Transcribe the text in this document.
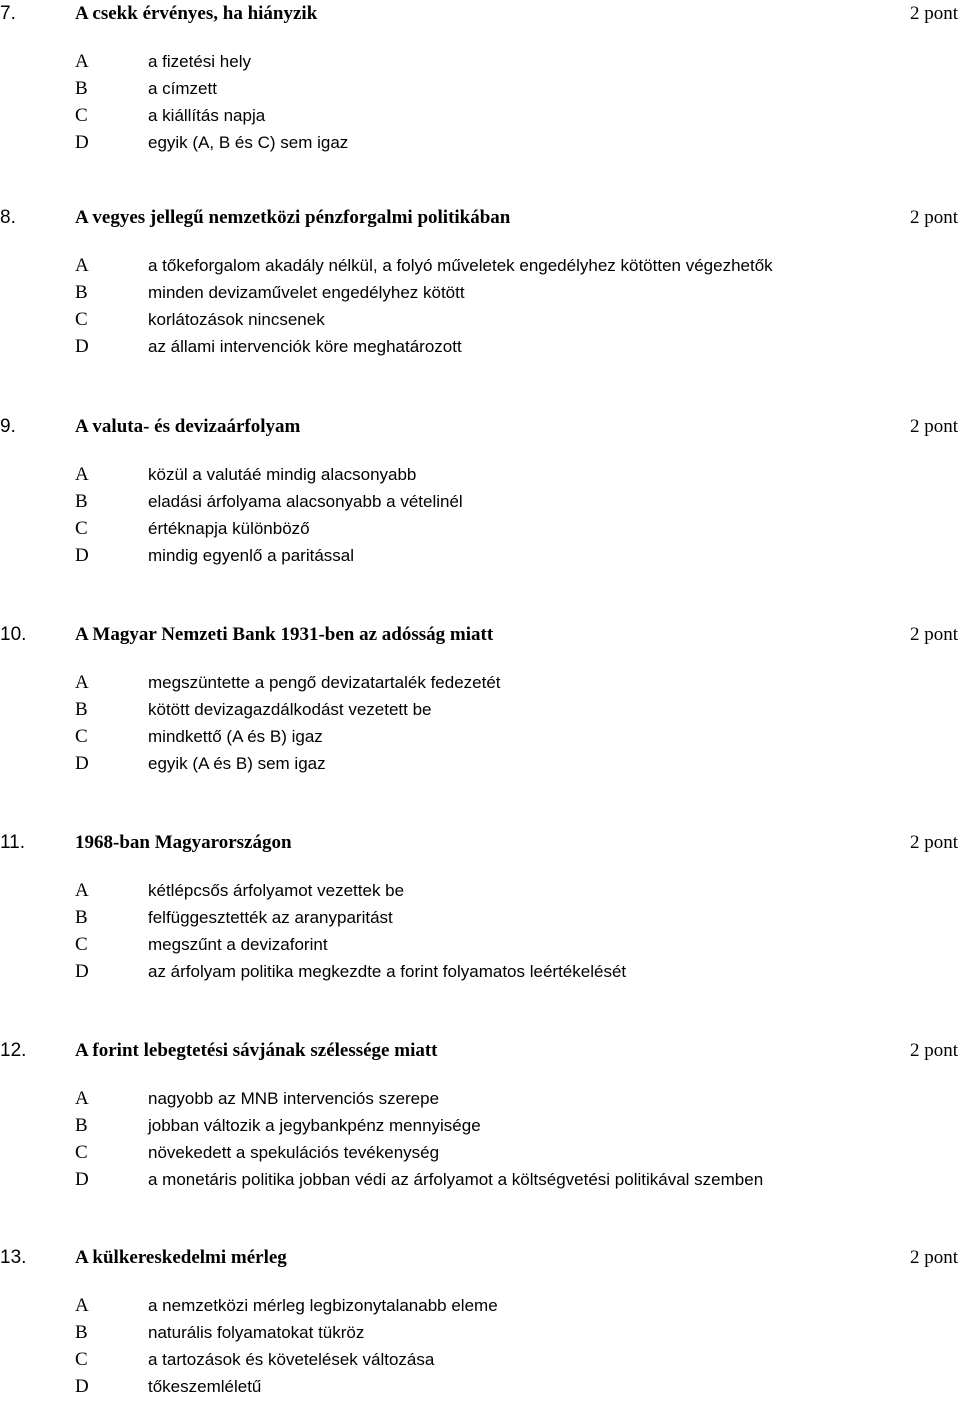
7.	A csekk érvényes, ha hiányzik	2 pont
A	a fizetési hely
B	a címzett
C	a kiállítás napja
D	egyik (A, B és C) sem igaz
8.	A vegyes jellegű nemzetközi pénzforgalmi politikában	2 pont
A	a tőkeforgalom akadály nélkül, a folyó műveletek engedélyhez kötötten végezhetők
B	minden devizaművelet engedélyhez kötött
C	korlátozások nincsenek
D	az állami intervenciók köre meghatározott
9.	A valuta- és devizaárfolyam	2 pont
A	közül a valutáé mindig alacsonyabb
B	eladási árfolyama alacsonyabb a vételinél
C	értéknapja különböző
D	mindig egyenlő a paritással
10.	A Magyar Nemzeti Bank 1931-ben az adósság miatt	2 pont
A	megszüntette a pengő devizatartalék fedezetét
B	kötött devizagazdálkodást vezetett be
C	mindkettő (A és B) igaz
D	egyik (A és B) sem igaz
11.	1968-ban Magyarországon	2 pont
A	kétlépcsős árfolyamot vezettek be
B	felfüggesztették az aranyparitást
C	megszűnt a devizaforint
D	az árfolyam politika megkezdte a forint folyamatos leértékelését
12.	A forint lebegtetési sávjának szélessége miatt	2 pont
A	nagyobb az MNB intervenciós szerepe
B	jobban változik a jegybankpénz mennyisége
C	növekedett a spekulációs tevékenység
D	a monetáris politika jobban védi az árfolyamot a költségvetési politikával szemben
13.	A külkereskedelmi mérleg	2 pont
A	a nemzetközi mérleg legbizonytalanabb eleme
B	naturális folyamatokat tükröz
C	a tartozások és követelések változása
D	tőkeszemléletű
